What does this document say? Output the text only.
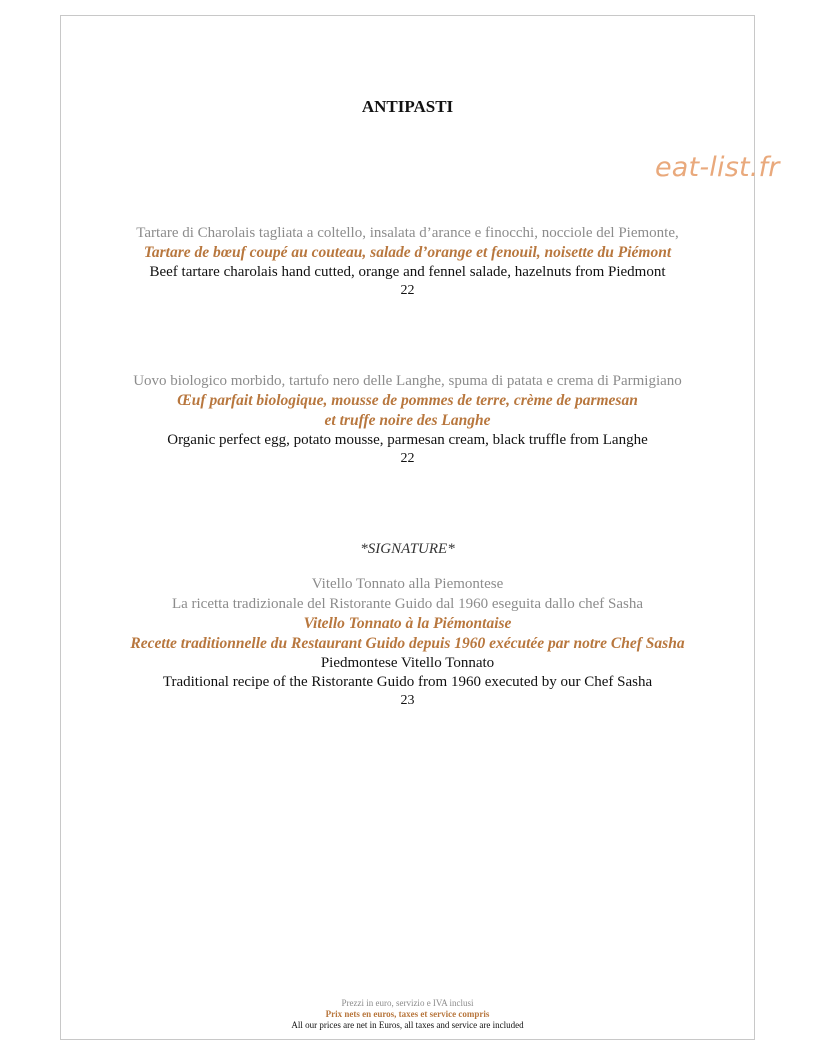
eat-list.fr
ANTIPASTI
Tartare di Charolais tagliata a coltello, insalata d’arance e finocchi, nocciole del Piemonte,
Tartare de bœuf coupé au couteau, salade d’orange et fenouil, noisette du Piémont
Beef tartare charolais hand cutted, orange and fennel salade, hazelnuts from Piedmont
22
Uovo biologico morbido, tartufo nero delle Langhe, spuma di patata e crema di Parmigiano
Œuf parfait biologique, mousse de pommes de terre, crème de parmesan
et truffe noire des Langhe
Organic perfect egg, potato mousse, parmesan cream, black truffle from Langhe
22
*SIGNATURE*
Vitello Tonnato alla Piemontese
La ricetta tradizionale del Ristorante Guido dal 1960 eseguita dallo chef Sasha
Vitello Tonnato à la Piémontaise
Recette traditionnelle du Restaurant Guido depuis 1960 exécutée par notre Chef Sasha
Piedmontese Vitello Tonnato
Traditional recipe of the Ristorante Guido from 1960 executed by our Chef Sasha
23
Prezzi in euro, servizio e IVA inclusi
Prix nets en euros, taxes et service compris
All our prices are net in Euros, all taxes and service are included
